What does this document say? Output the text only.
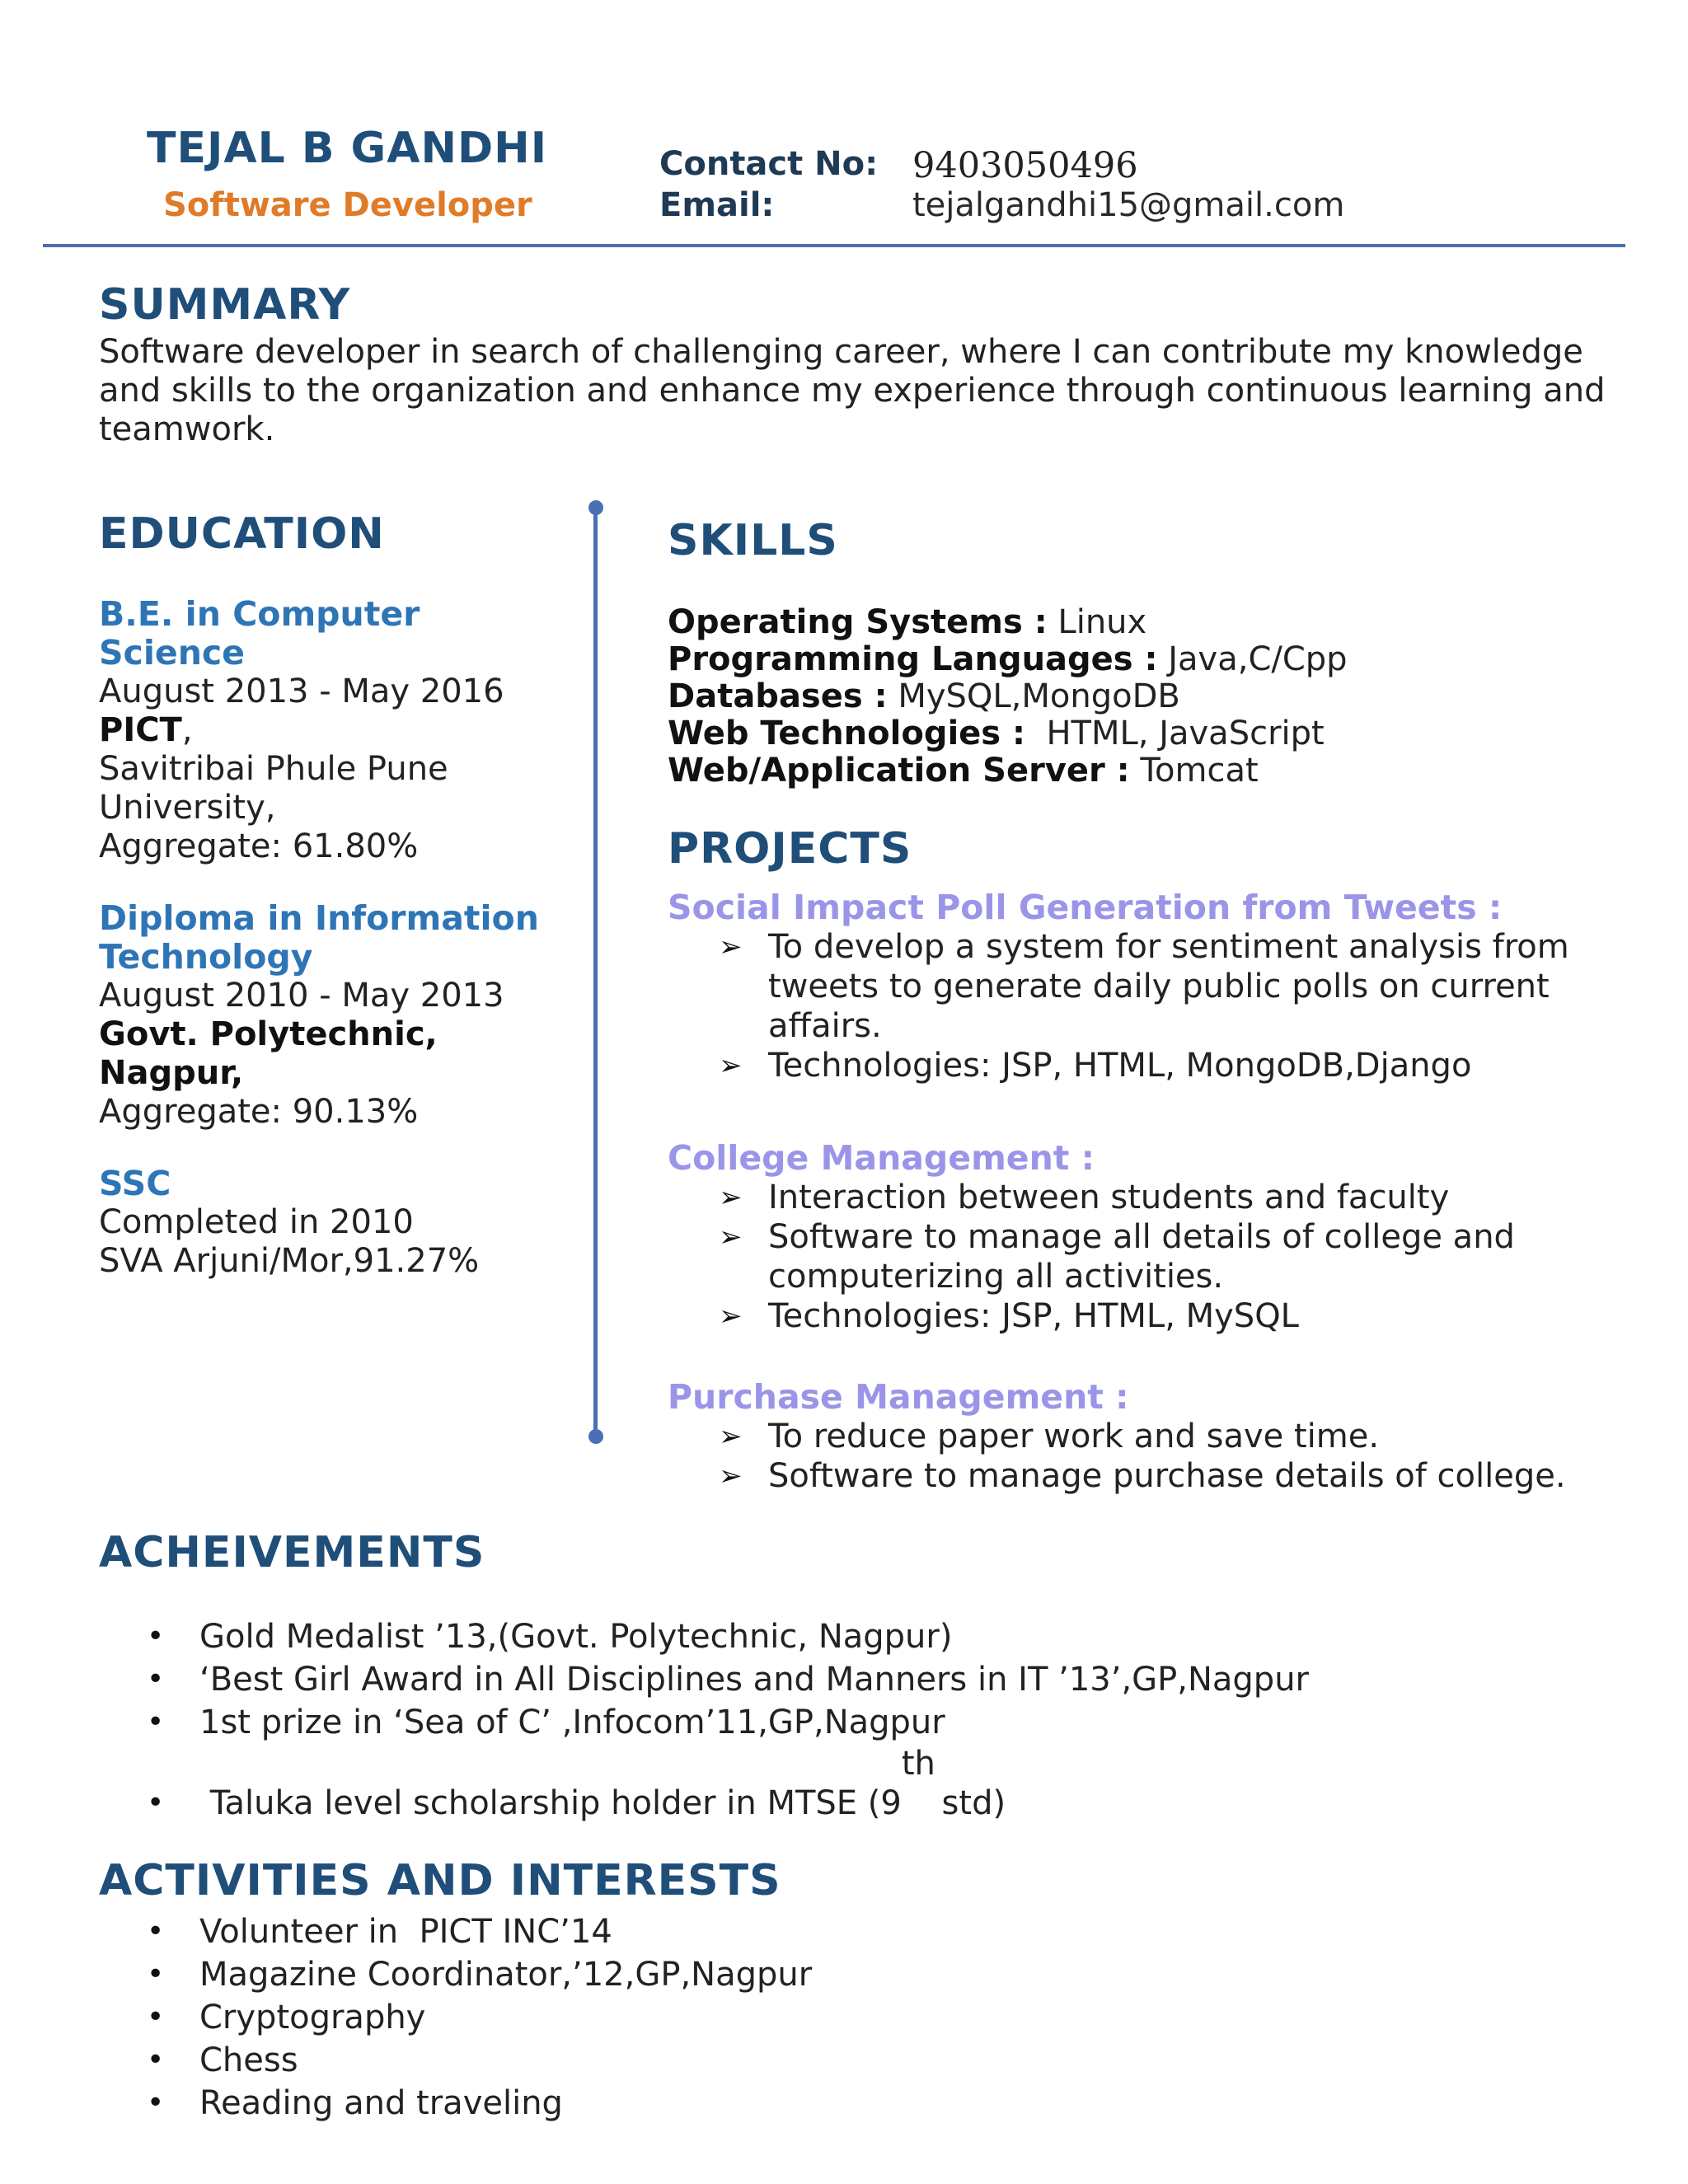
TEJAL B GANDHI
Software Developer
Contact No: 9403050496
Email:	tejalgandhi15@gmail.com
SUMMARY
Software developer in search of challenging career, where I can contribute my knowledge and skills to the organization and enhance my experience through continuous learning and teamwork.
EDUCATION
B.E. in Computer Science
August 2013 - May 2016
PICT,
Savitribai Phule Pune University,
Aggregate: 61.80%
Diploma in Information Technology
August 2010 - May 2013
Govt. Polytechnic, Nagpur,
Aggregate: 90.13%
SSC
Completed in 2010
SVA Arjuni/Mor,91.27%
SKILLS
Operating Systems : Linux
Programming Languages : Java,C/Cpp
Databases : MySQL,MongoDB
Web Technologies :  HTML, JavaScript
Web/Application Server : Tomcat
PROJECTS
Social Impact Poll Generation from Tweets :
➢ To develop a system for sentiment analysis from tweets to generate daily public polls on current affairs.
➢ Technologies: JSP, HTML, MongoDB,Django
College Management :
➢ Interaction between students and faculty
➢ Software to manage all details of college and computerizing all activities.
➢ Technologies: JSP, HTML, MySQL
Purchase Management :
➢ To reduce paper work and save time.
➢ Software to manage purchase details of college.
ACHEIVEMENTS
• Gold Medalist ’13,(Govt. Polytechnic, Nagpur)
• ‘Best Girl Award in All Disciplines and Manners in IT ’13’,GP,Nagpur
• 1st prize in ‘Sea of C’ ,Infocom’11,GP,Nagpur
• Taluka level scholarship holder in MTSE (9
th
std)
ACTIVITIES AND INTERESTS
• Volunteer in  PICT INC’14
• Magazine Coordinator,’12,GP,Nagpur
• Cryptography
• Chess
• Reading and traveling
